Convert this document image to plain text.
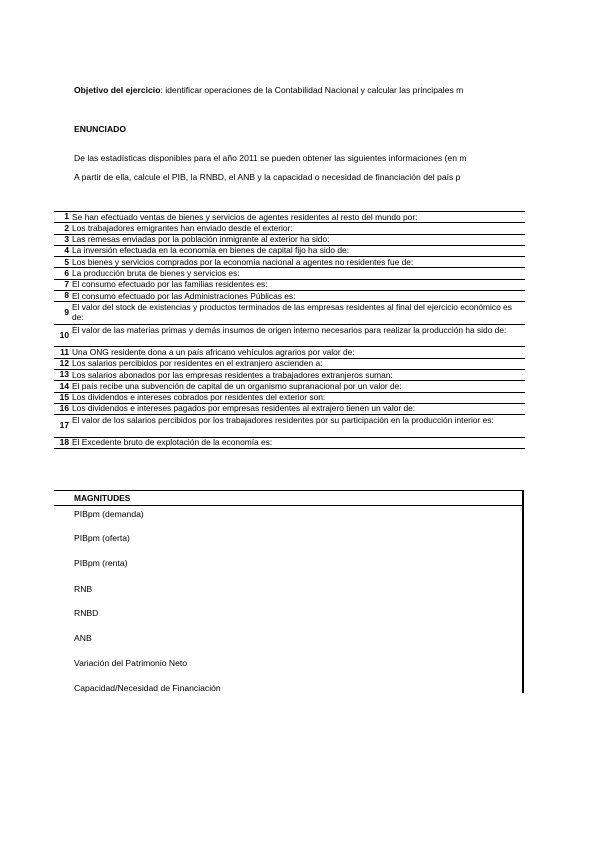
Objetivo del ejercicio: identificar operaciones de la Contabilidad Nacional y calcular las principales m
ENUNCIADO
De las estadísticas disponibles para el año 2011 se pueden obtener las siguientes informaciones (en m
A partir de ella, calcule el PIB, la RNBD, el ANB y la capacidad o necesidad de financiación del país p
1 Se han efectuado ventas de bienes y servicios de agentes residentes al resto del mundo por:
2 Los trabajadores emigrantes han enviado desde el exterior:
3 Las remesas enviadas por la población inmigrante al exterior ha sido:
4 La inversión efectuada en la economía en bienes de capital fijo ha sido de:
5 Los bienes y servicios comprados por la economía nacional a agentes no residentes fue de:
6 La producción bruta de bienes y servicios es:
7 El consumo efectuado por las familias residentes es:
8 El consumo efectuado por las Administraciones Públicas es:
9 El valor del stock de existencias y productos terminados de las empresas residentes al final del ejercicio económico es de:
10 El valor de las materias primas y demás insumos de origen interno necesarios para realizar la producción ha sido de:
11 Una ONG residente dona a un país africano vehículos agrarios por valor de:
12 Los salarios percibidos por residentes en el extranjero ascienden a:
13 Los salarios abonados por las empresas residentes a trabajadores extranjeros suman:
14 El país recibe una subvención de capital de un organismo supranacional por un valor de:
15 Los dividendos e intereses cobrados por residentes del exterior son:
16 Los dividendos e intereses pagados por empresas residentes al extrajero tienen un valor de:
17 El valor de los salarios percibidos por los trabajadores residentes por su participación en la producción interior es:
18 El Excedente bruto de explotación de la economía es:
MAGNITUDES
PIBpm (demanda)
PIBpm (oferta)
PIBpm (renta)
RNB
RNBD
ANB
Variación del Patrimonio Neto
Capacidad/Necesidad de Financiación
